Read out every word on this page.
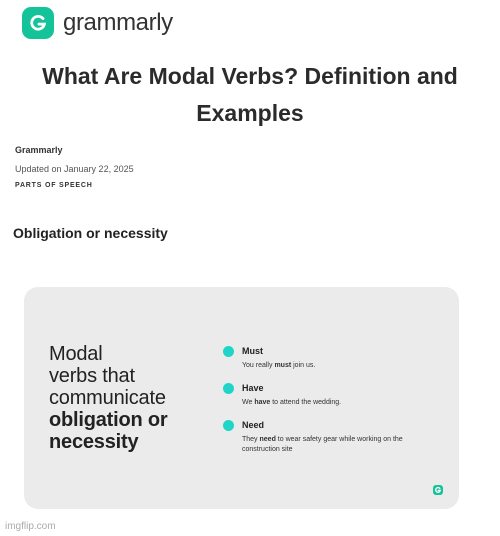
grammarly
What Are Modal Verbs? Definition and Examples
Grammarly
Updated on January 22, 2025
PARTS OF SPEECH
Obligation or necessity
Modal
verbs that
communicate
obligation or
necessity
Must
You really must join us.
Have
We have to attend the wedding.
Need
They need to wear safety gear while working on the construction site
imgflip.com
